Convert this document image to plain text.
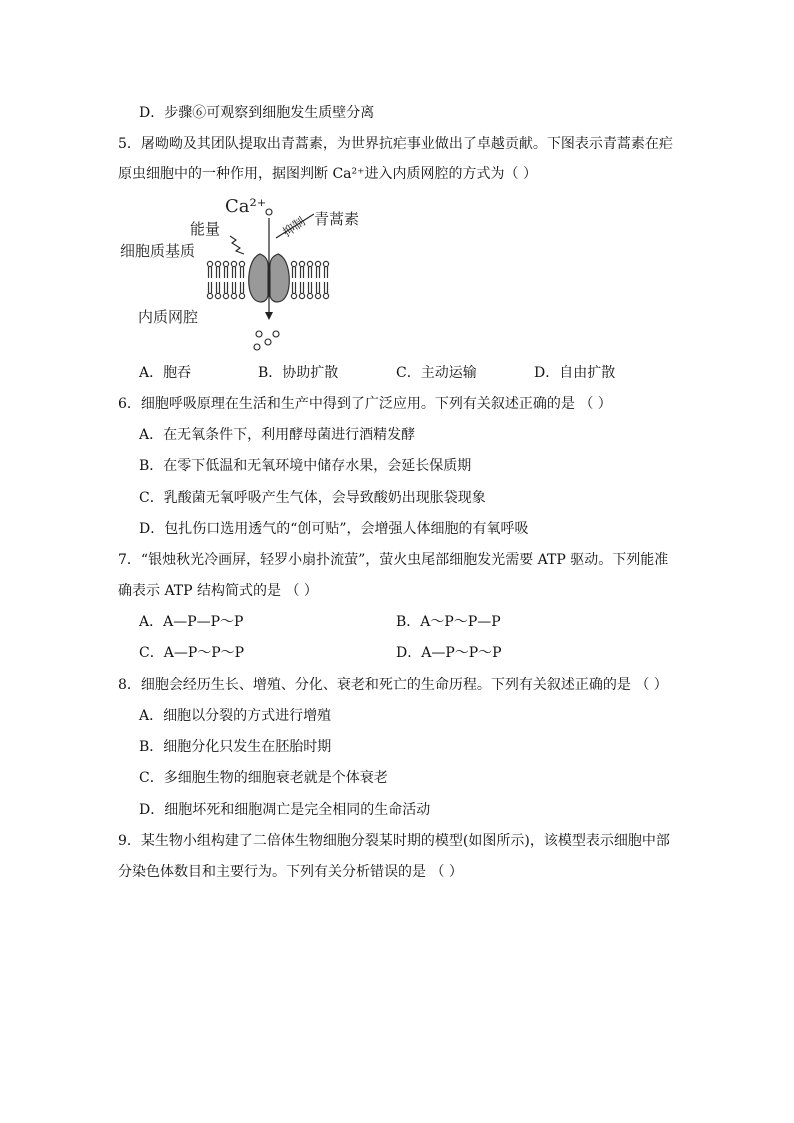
D．步骤⑥可观察到细胞发生质壁分离
5．屠呦呦及其团队提取出青蒿素，为世界抗疟事业做出了卓越贡献。下图表示青蒿素在疟
原虫细胞中的一种作用，据图判断 Ca²⁺进入内质网腔的方式为（ ）
Ca²⁺
能量	抑制 青蒿素
细胞质基质
内质网腔
A．胞吞	B．协助扩散	C．主动运输	D．自由扩散
6．细胞呼吸原理在生活和生产中得到了广泛应用。下列有关叙述正确的是 （ ）
A．在无氧条件下，利用酵母菌进行酒精发酵
B．在零下低温和无氧环境中储存水果，会延长保质期
C．乳酸菌无氧呼吸产生气体，会导致酸奶出现胀袋现象
D．包扎伤口选用透气的“创可贴”，会增强人体细胞的有氧呼吸
7．“银烛秋光冷画屏，轻罗小扇扑流萤”，萤火虫尾部细胞发光需要 ATP 驱动。下列能准
确表示 ATP 结构简式的是 （ ）
A．A—P—P～P	B．A～P～P—P
C．A—P～P～P	D．A—P～P～P
8．细胞会经历生长、增殖、分化、衰老和死亡的生命历程。下列有关叙述正确的是 （ ）
A．细胞以分裂的方式进行增殖
B．细胞分化只发生在胚胎时期
C．多细胞生物的细胞衰老就是个体衰老
D．细胞坏死和细胞凋亡是完全相同的生命活动
9．某生物小组构建了二倍体生物细胞分裂某时期的模型(如图所示)，该模型表示细胞中部
分染色体数目和主要行为。下列有关分析错误的是 （ ）
